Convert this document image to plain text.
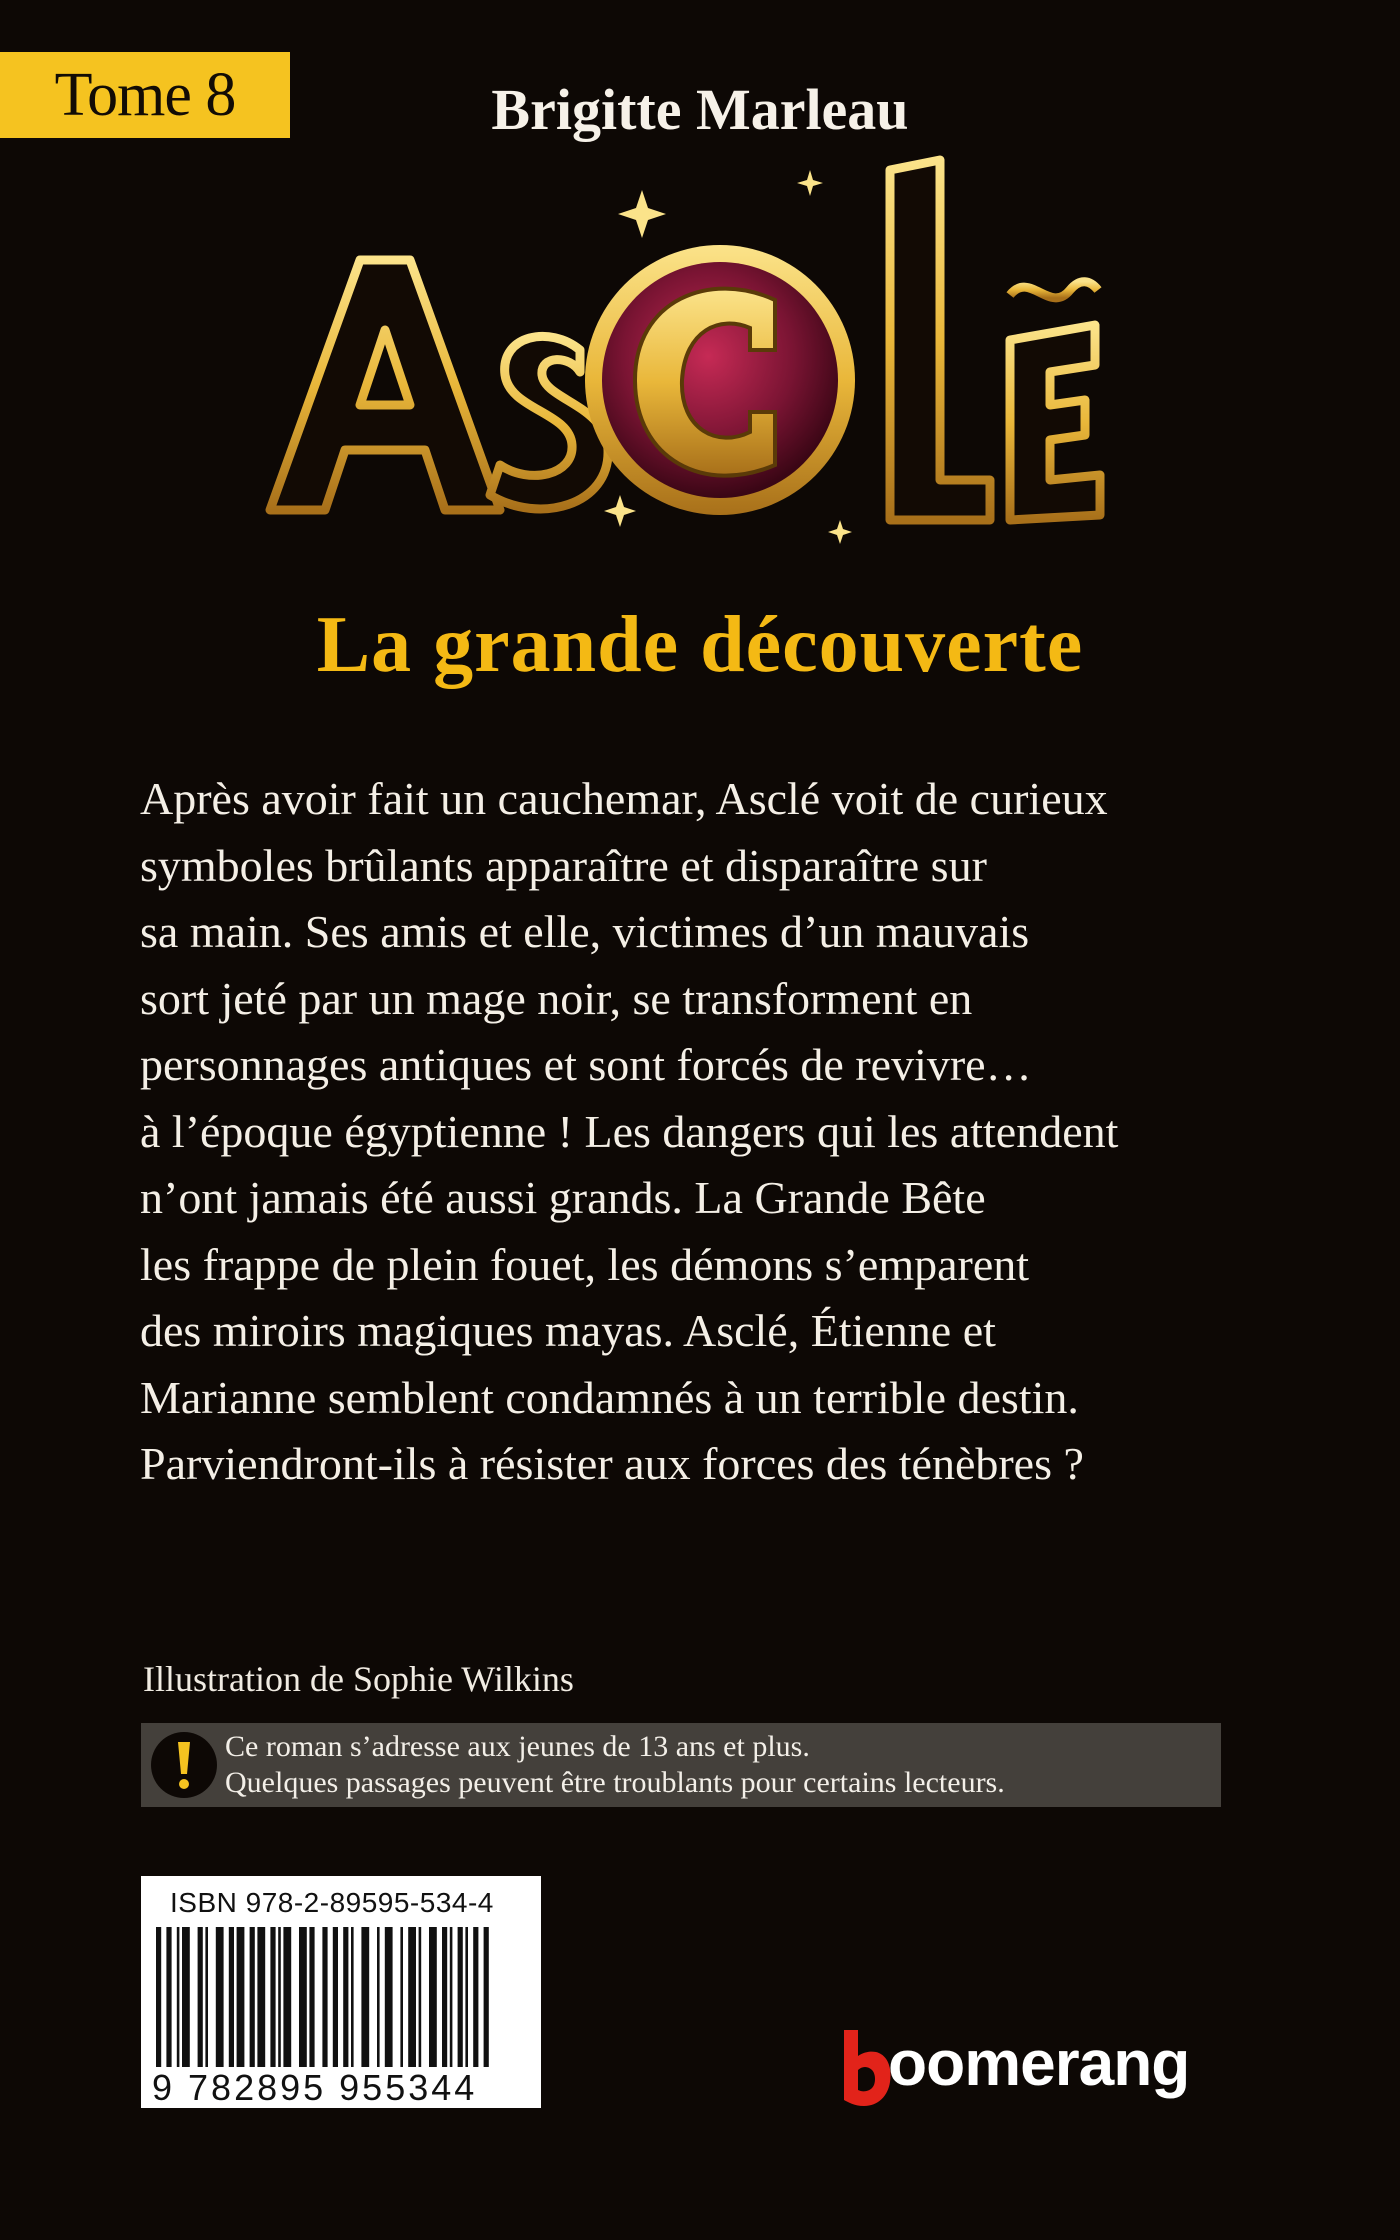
Tome 8	Brigitte Marleau
La grande découverte

Après avoir fait un cauchemar, Asclé voit de curieux
symboles brûlants apparaître et disparaître sur
sa main. Ses amis et elle, victimes d’un mauvais
sort jeté par un mage noir, se transforment en
personnages antiques et sont forcés de revivre…
à l’époque égyptienne ! Les dangers qui les attendent
n’ont jamais été aussi grands. La Grande Bête
les frappe de plein fouet, les démons s’emparent
des miroirs magiques mayas. Asclé, Étienne et
Marianne semblent condamnés à un terrible destin.
Parviendront-ils à résister aux forces des ténèbres ?

Illustration de Sophie Wilkins
Ce roman s’adresse aux jeunes de 13 ans et plus.
Quelques passages peuvent être troublants pour certains lecteurs.
ISBN 978-2-89595-534-4
9 782895 955344	oomerang
